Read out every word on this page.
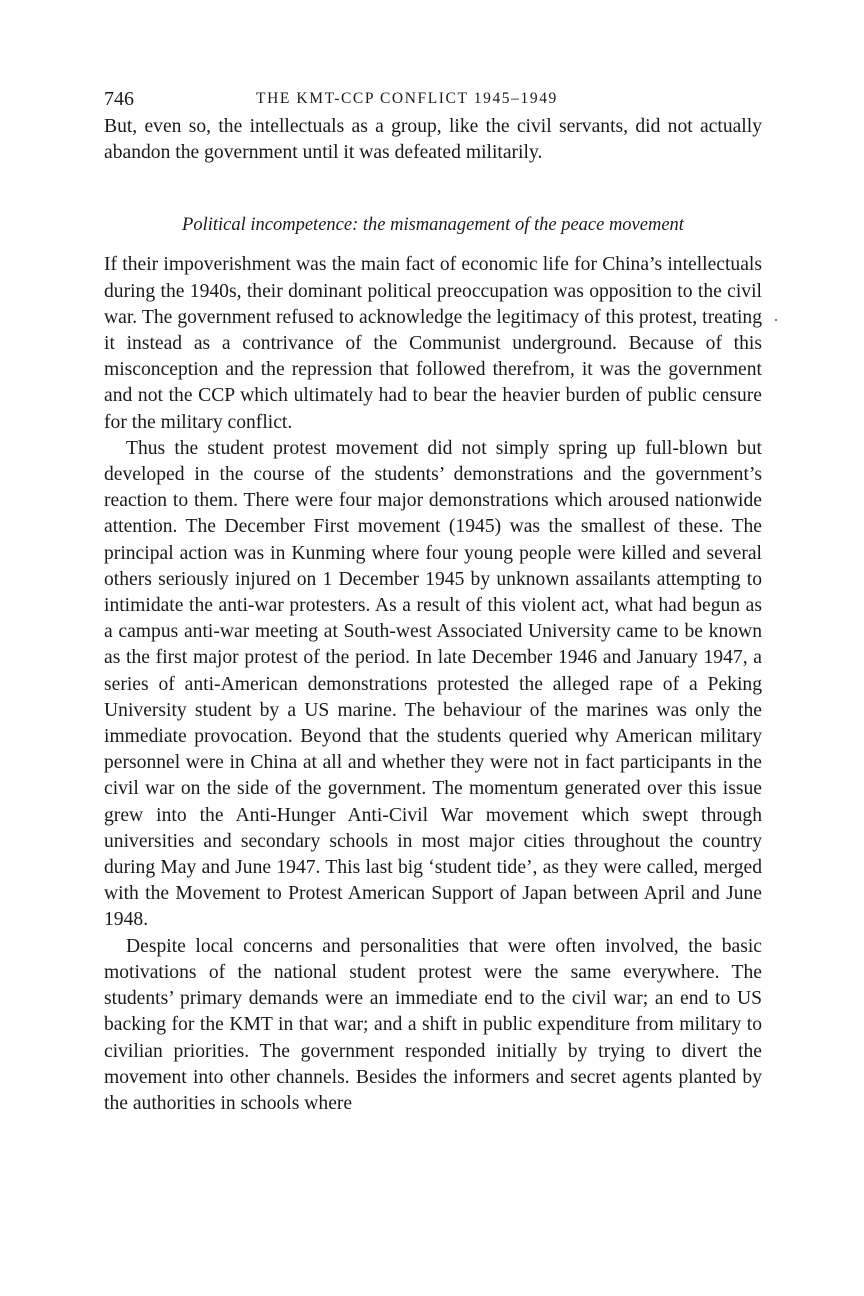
746	THE KMT-CCP CONFLICT 1945–1949

But, even so, the intellectuals as a group, like the civil servants, did not actually abandon the government until it was defeated militarily.

Political incompetence: the mismanagement of the peace movement

If their impoverishment was the main fact of economic life for China’s intellectuals during the 1940s, their dominant political preoccupation was opposition to the civil war. The government refused to acknowledge the legitimacy of this protest, treating it instead as a contrivance of the Communist underground. Because of this misconception and the repression that followed therefrom, it was the government and not the CCP which ultimately had to bear the heavier burden of public censure for the military conflict.

Thus the student protest movement did not simply spring up full-blown but developed in the course of the students’ demonstrations and the government’s reaction to them. There were four major demonstrations which aroused nationwide attention. The December First movement (1945) was the smallest of these. The principal action was in Kunming where four young people were killed and several others seriously injured on 1 December 1945 by unknown assailants attempting to intimidate the anti-war protesters. As a result of this violent act, what had begun as a campus anti-war meeting at South-west Associated University came to be known as the first major protest of the period. In late December 1946 and January 1947, a series of anti-American demonstrations protested the alleged rape of a Peking University student by a US marine. The behaviour of the marines was only the immediate provocation. Beyond that the students queried why American military personnel were in China at all and whether they were not in fact participants in the civil war on the side of the government. The momentum generated over this issue grew into the Anti-Hunger Anti-Civil War movement which swept through universities and secondary schools in most major cities throughout the country during May and June 1947. This last big ‘student tide’, as they were called, merged with the Movement to Protest American Support of Japan between April and June 1948.

Despite local concerns and personalities that were often involved, the basic motivations of the national student protest were the same everywhere. The students’ primary demands were an immediate end to the civil war; an end to US backing for the KMT in that war; and a shift in public expenditure from military to civilian priorities. The government responded initially by trying to divert the movement into other channels. Besides the informers and secret agents planted by the authorities in schools where
